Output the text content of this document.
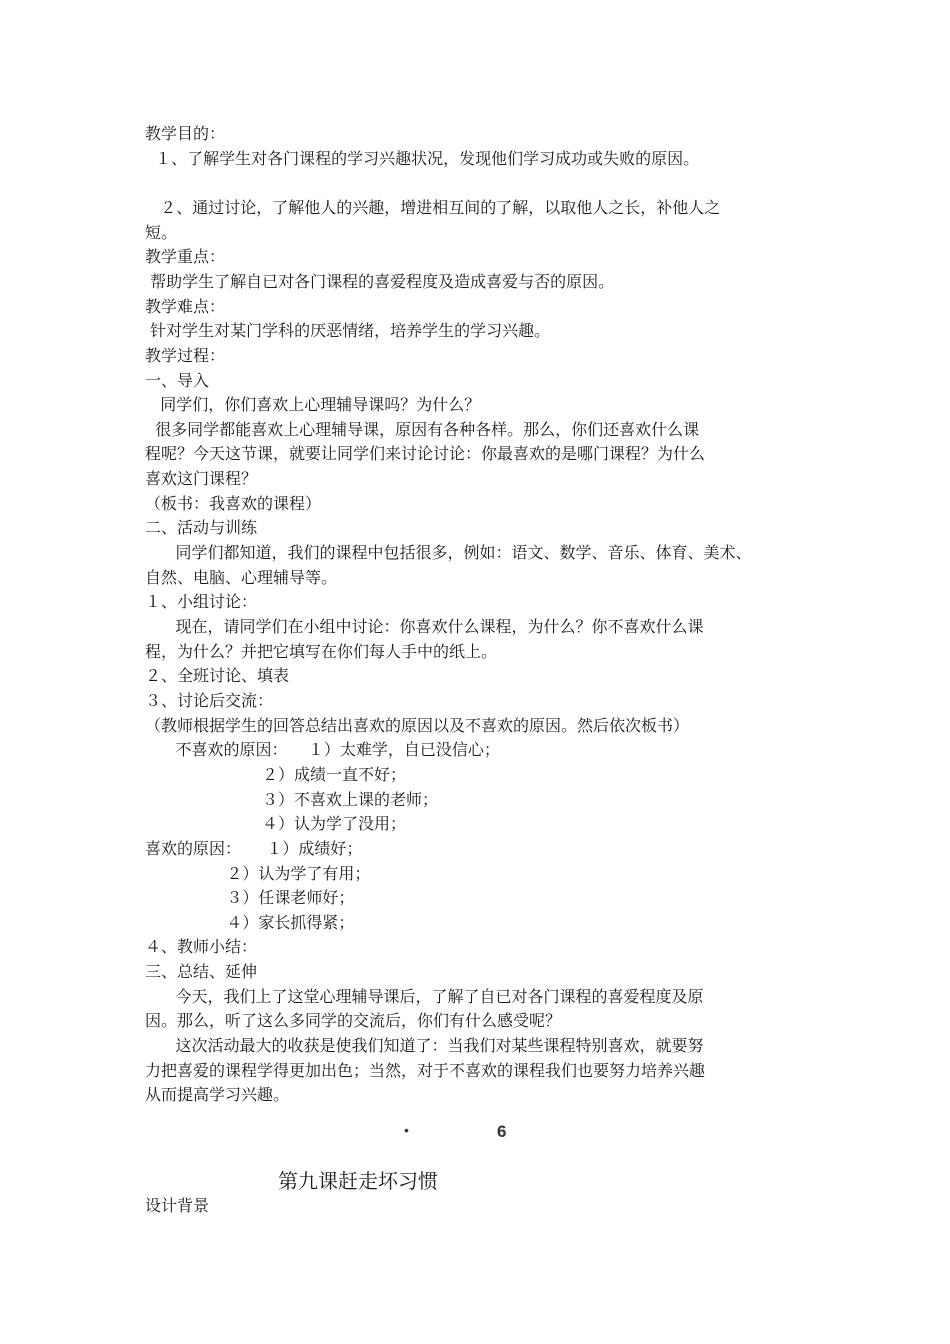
教学目的：
１、了解学生对各门课程的学习兴趣状况，发现他们学习成功或失败的原因。
２、通过讨论，了解他人的兴趣，增进相互间的了解，以取他人之长，补他人之
短。
教学重点：
帮助学生了解自已对各门课程的喜爱程度及造成喜爱与否的原因。
教学难点：
针对学生对某门学科的厌恶情绪，培养学生的学习兴趣。
教学过程：
一、导入
同学们，你们喜欢上心理辅导课吗？为什么？
很多同学都能喜欢上心理辅导课，原因有各种各样。那么，你们还喜欢什么课
程呢？今天这节课，就要让同学们来讨论讨论：你最喜欢的是哪门课程？为什么
喜欢这门课程？
（板书：我喜欢的课程）
二、活动与训练
同学们都知道，我们的课程中包括很多，例如：语文、数学、音乐、体育、美术、
自然、电脑、心理辅导等。
１、小组讨论：
现在，请同学们在小组中讨论：你喜欢什么课程，为什么？你不喜欢什么课
程，为什么？并把它填写在你们每人手中的纸上。
２、全班讨论、填表
３、讨论后交流：
（教师根据学生的回答总结出喜欢的原因以及不喜欢的原因。然后依次板书）
不喜欢的原因：    １）太难学，自已没信心；
２）成绩一直不好；
３）不喜欢上课的老师；
４）认为学了没用；
喜欢的原因：     １）成绩好；
２）认为学了有用；
３）任课老师好；
４）家长抓得紧；
４、教师小结：
三、总结、延伸
今天，我们上了这堂心理辅导课后，了解了自已对各门课程的喜爱程度及原
因。那么，听了这么多同学的交流后，你们有什么感受呢？
这次活动最大的收获是使我们知道了：当我们对某些课程特别喜欢，就要努
力把喜爱的课程学得更加出色；当然，对于不喜欢的课程我们也要努力培养兴趣
从而提高学习兴趣。
•	6
第九课赶走坏习惯
设计背景
